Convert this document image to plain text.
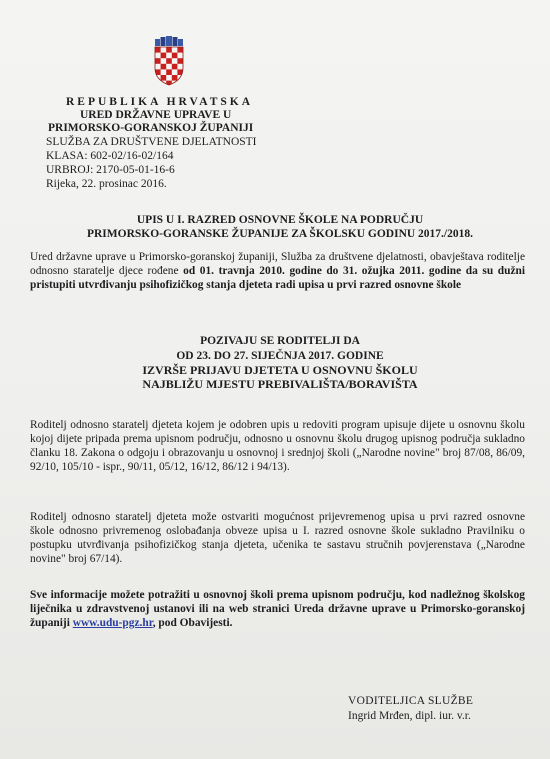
REPUBLIKA HRVATSKA
URED DRŽAVNE UPRAVE U
PRIMORSKO-GORANSKOJ ŽUPANIJI
SLUŽBA ZA DRUŠTVENE DJELATNOSTI
KLASA: 602-02/16-02/164
URBROJ: 2170-05-01-16-6
Rijeka, 22. prosinac 2016.
UPIS U I. RAZRED OSNOVNE ŠKOLE NA PODRUČJU
PRIMORSKO-GORANSKE ŽUPANIJE ZA ŠKOLSKU GODINU 2017./2018.
Ured državne uprave u Primorsko-goranskoj županiji, Služba za društvene djelatnosti, obavještava roditelje odnosno staratelje djece rođene od 01. travnja 2010. godine do 31. ožujka 2011. godine da su dužni pristupiti utvrđivanju psihofizičkog stanja djeteta radi upisa u prvi razred osnovne škole
POZIVAJU SE RODITELJI DA
OD 23. DO 27. SIJEČNJA 2017. GODINE
IZVRŠE PRIJAVU DJETETA U OSNOVNU ŠKOLU
NAJBLIŽU MJESTU PREBIVALIŠTA/BORAVIŠTA
Roditelj odnosno staratelj djeteta kojem je odobren upis u redoviti program upisuje dijete u osnovnu školu kojoj dijete pripada prema upisnom području, odnosno u osnovnu školu drugog upisnog područja sukladno članku 18. Zakona o odgoju i obrazovanju u osnovnoj i srednjoj školi („Narodne novine" broj 87/08, 86/09, 92/10, 105/10 - ispr., 90/11, 05/12, 16/12, 86/12 i 94/13).
Roditelj odnosno staratelj djeteta može ostvariti mogućnost prijevremenog upisa u prvi razred osnovne škole odnosno privremenog oslobađanja obveze upisa u I. razred osnovne škole sukladno Pravilniku o postupku utvrđivanja psihofizičkog stanja djeteta, učenika te sastavu stručnih povjerenstava („Narodne novine" broj 67/14).
Sve informacije možete potražiti u osnovnoj školi prema upisnom području, kod nadležnog školskog liječnika u zdravstvenoj ustanovi ili na web stranici Ureda državne uprave u Primorsko-goranskoj županiji www.udu-pgz.hr, pod Obavijesti.
VODITELJICA SLUŽBE
Ingrid Mrđen, dipl. iur. v.r.
